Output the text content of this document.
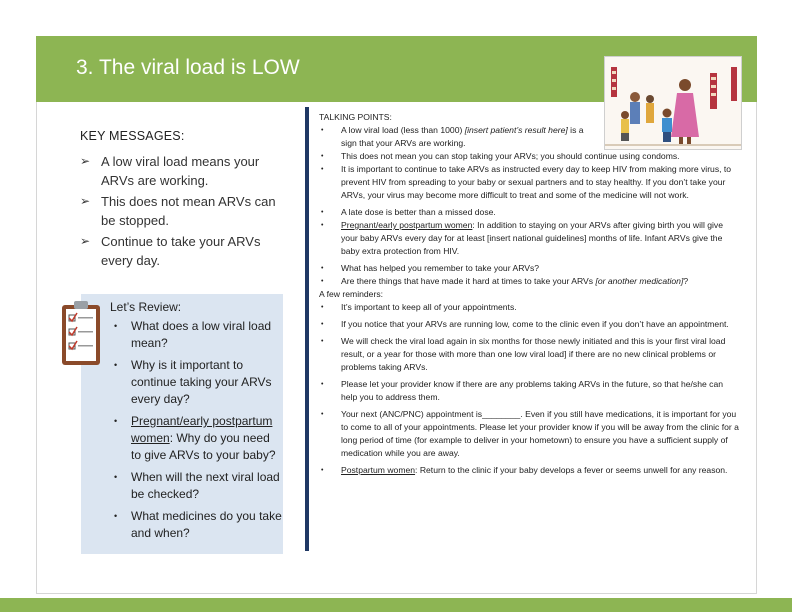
3. The viral load is LOW
KEY MESSAGES:
➢ A low viral load means your ARVs are working.
➢ This does not mean ARVs can be stopped.
➢ Continue to take your ARVs every day.
Let’s Review:
• What does a low viral load mean?
• Why is it important to continue taking your ARVs every day?
• Pregnant/early postpartum women: Why do you need to give ARVs to your baby?
• When will the next viral load be checked?
• What medicines do you take and when?
TALKING POINTS:
• A low viral load (less than 1000) [insert patient’s result here] is a sign that your ARVs are working.
• This does not mean you can stop taking your ARVs; you should continue using condoms.
• It is important to continue to take ARVs as instructed every day to keep HIV from making more virus, to prevent HIV from spreading to your baby or sexual partners and to stay healthy. If you don’t take your ARVs, your virus may become more difficult to treat and some of the medicine will not work.
• A late dose is better than a missed dose.
• Pregnant/early postpartum women: In addition to staying on your ARVs after giving birth you will give your baby ARVs every day for at least [insert national guidelines] months of life. Infant ARVs give the baby extra protection from HIV.
• What has helped you remember to take your ARVs?
• Are there things that have made it hard at times to take your ARVs [or another medication]?
A few reminders:
• It’s important to keep all of your appointments.
• If you notice that your ARVs are running low, come to the clinic even if you don’t have an appointment.
• We will check the viral load again in six months for those newly initiated and this is your first viral load result, or a year for those with more than one low viral load] if there are no new clinical problems or problems taking ARVs.
• Please let your provider know if there are any problems taking ARVs in the future, so that he/she can help you to address them.
• Your next (ANC/PNC) appointment is________. Even if you still have medications, it is important for you to come to all of your appointments. Please let your provider know if you will be away from the clinic for a long period of time (for example to deliver in your hometown) to ensure you have a sufficient supply of medication while you are away.
• Postpartum women: Return to the clinic if your baby develops a fever or seems unwell for any reason.
